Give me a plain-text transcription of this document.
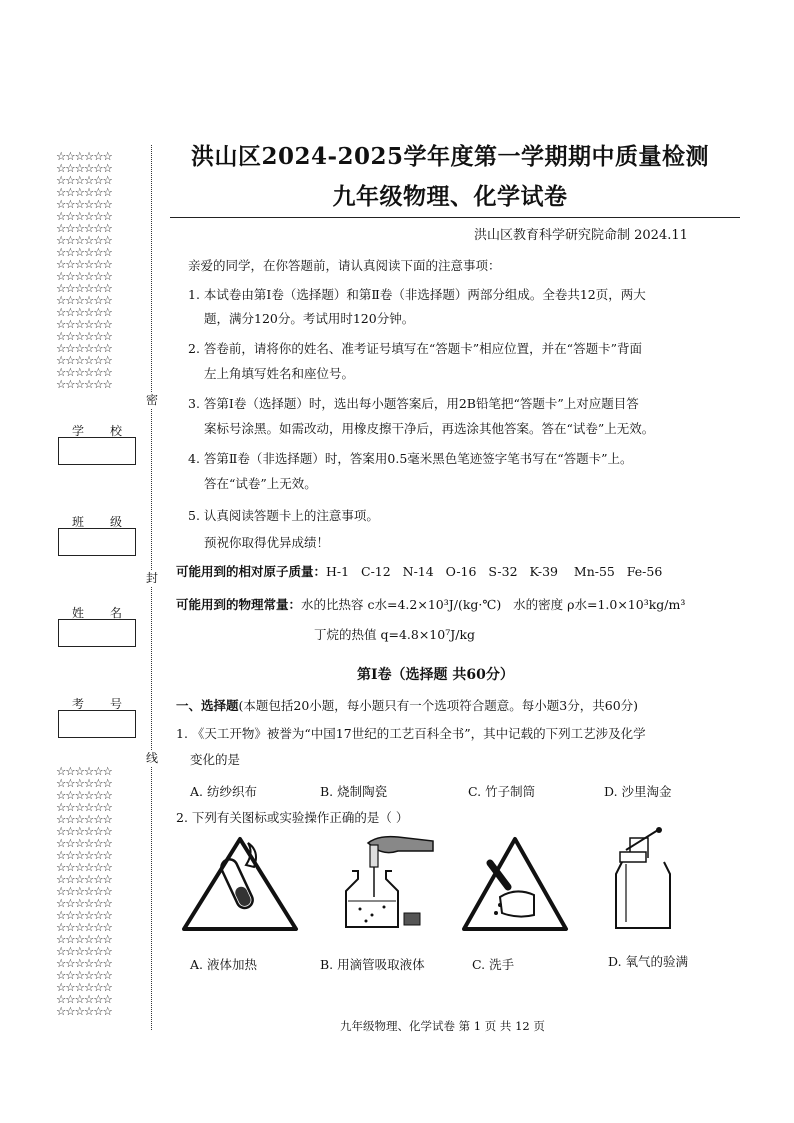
☆☆☆☆☆☆
☆☆☆☆☆☆
☆☆☆☆☆☆
☆☆☆☆☆☆
☆☆☆☆☆☆
☆☆☆☆☆☆
☆☆☆☆☆☆
☆☆☆☆☆☆
☆☆☆☆☆☆
☆☆☆☆☆☆
☆☆☆☆☆☆
☆☆☆☆☆☆
☆☆☆☆☆☆
☆☆☆☆☆☆
☆☆☆☆☆☆
☆☆☆☆☆☆
☆☆☆☆☆☆
☆☆☆☆☆☆
☆☆☆☆☆☆
☆☆☆☆☆☆
☆☆☆☆☆☆
☆☆☆☆☆☆
☆☆☆☆☆☆
☆☆☆☆☆☆
☆☆☆☆☆☆
☆☆☆☆☆☆
☆☆☆☆☆☆
☆☆☆☆☆☆
☆☆☆☆☆☆
☆☆☆☆☆☆
☆☆☆☆☆☆
☆☆☆☆☆☆
☆☆☆☆☆☆
☆☆☆☆☆☆
☆☆☆☆☆☆
☆☆☆☆☆☆
☆☆☆☆☆☆
☆☆☆☆☆☆
☆☆☆☆☆☆
☆☆☆☆☆☆
☆☆☆☆☆☆
密
封
线
学 校
班 级
姓 名
考 号
洪山区2024-2025学年度第一学期期中质量检测
九年级物理、化学试卷
洪山区教育科学研究院命制 2024.11
亲爱的同学，在你答题前，请认真阅读下面的注意事项：
1. 本试卷由第Ⅰ卷（选择题）和第Ⅱ卷（非选择题）两部分组成。全卷共12页，两大
题，满分120分。考试用时120分钟。
2. 答卷前，请将你的姓名、准考证号填写在“答题卡”相应位置，并在“答题卡”背面
左上角填写姓名和座位号。
3. 答第Ⅰ卷（选择题）时，选出每小题答案后，用2B铅笔把“答题卡”上对应题目答
案标号涂黑。如需改动，用橡皮擦干净后，再选涂其他答案。答在“试卷”上无效。
4. 答第Ⅱ卷（非选择题）时，答案用0.5毫米黑色笔迹签字笔书写在“答题卡”上。
答在“试卷”上无效。
5. 认真阅读答题卡上的注意事项。
预祝你取得优异成绩！
可能用到的相对原子质量：H-1   C-12   N-14   O-16   S-32   K-39    Mn-55   Fe-56
可能用到的物理常量：水的比热容 c水=4.2×10³J/(kg·℃)   水的密度 ρ水=1.0×10³kg/m³
丁烷的热值 q=4.8×10⁷J/kg
第Ⅰ卷（选择题 共60分）
一、选择题(本题包括20小题，每小题只有一个选项符合题意。每小题3分，共60分)
1. 《天工开物》被誉为“中国17世纪的工艺百科全书”，其中记载的下列工艺涉及化学
变化的是
A. 纺纱织布	B. 烧制陶瓷	C. 竹子制筒	D. 沙里淘金
2. 下列有关图标或实验操作正确的是（ ）
A. 液体加热	B. 用滴管吸取液体	C. 洗手	D. 氧气的验满
九年级物理、化学试卷 第 1 页 共 12 页
